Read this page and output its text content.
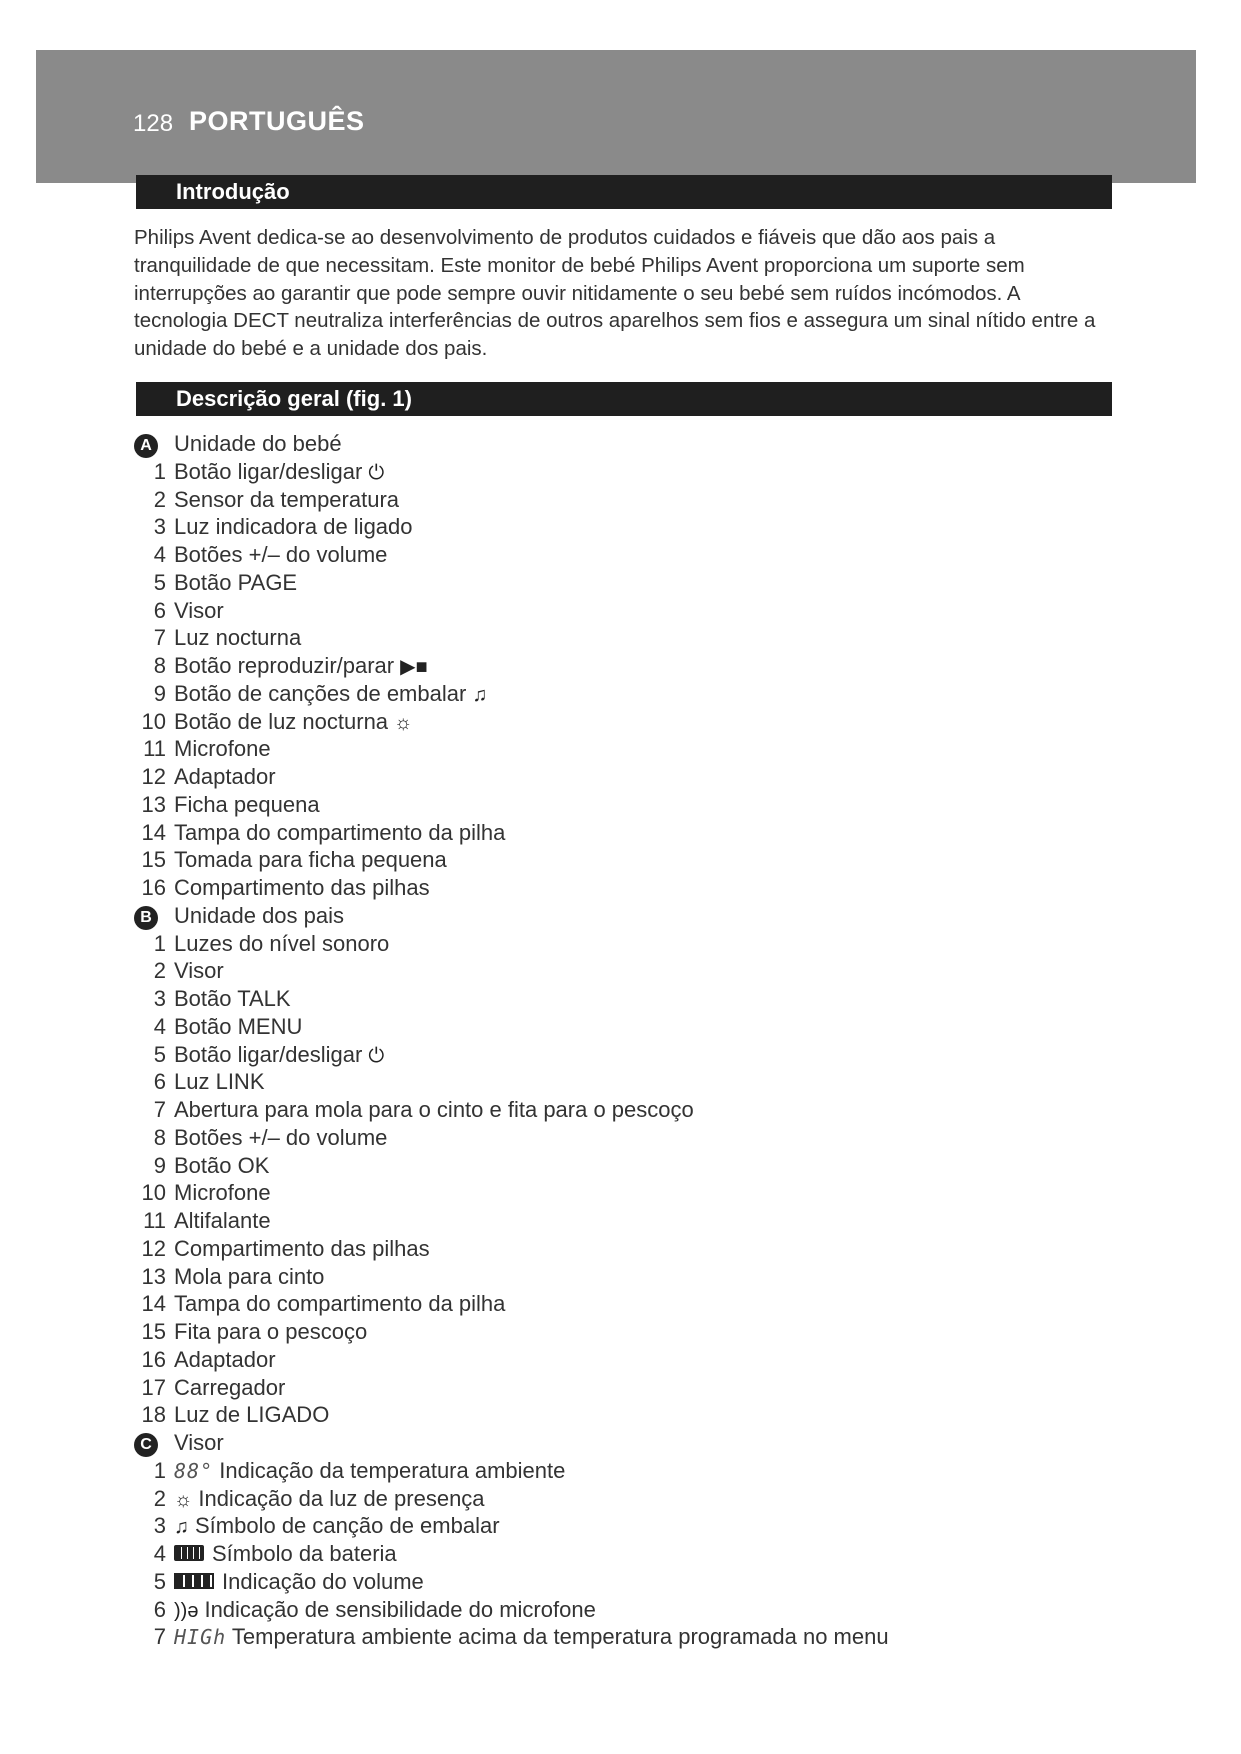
128 PORTUGUÊS
Introdução

Philips Avent dedica-se ao desenvolvimento de produtos cuidados e fiáveis que dão aos pais a tranquilidade de que necessitam. Este monitor de bebé Philips Avent proporciona um suporte sem interrupções ao garantir que pode sempre ouvir nitidamente o seu bebé sem ruídos incómodos. A tecnologia DECT neutraliza interferências de outros aparelhos sem fios e assegura um sinal nítido entre a unidade do bebé e a unidade dos pais.

Descrição geral (fig. 1)
A Unidade do bebé
1 Botão ligar/desligar ⏻
2 Sensor da temperatura
3 Luz indicadora de ligado
4 Botões +/– do volume
5 Botão PAGE
6 Visor
7 Luz nocturna
8 Botão reproduzir/parar ▶■
9 Botão de canções de embalar ♫
10 Botão de luz nocturna ☼
11 Microfone
12 Adaptador
13 Ficha pequena
14 Tampa do compartimento da pilha
15 Tomada para ficha pequena
16 Compartimento das pilhas
B Unidade dos pais
1 Luzes do nível sonoro
2 Visor
3 Botão TALK
4 Botão MENU
5 Botão ligar/desligar ⏻
6 Luz LINK
7 Abertura para mola para o cinto e fita para o pescoço
8 Botões +/– do volume
9 Botão OK
10 Microfone
11 Altifalante
12 Compartimento das pilhas
13 Mola para cinto
14 Tampa do compartimento da pilha
15 Fita para o pescoço
16 Adaptador
17 Carregador
18 Luz de LIGADO
C Visor
1 88° Indicação da temperatura ambiente
2 ☼ Indicação da luz de presença
3 ♫ Símbolo de canção de embalar
4 Símbolo da bateria
5	Indicação do volume
6 ))ə Indicação de sensibilidade do microfone
7 HIGh Temperatura ambiente acima da temperatura programada no menu
